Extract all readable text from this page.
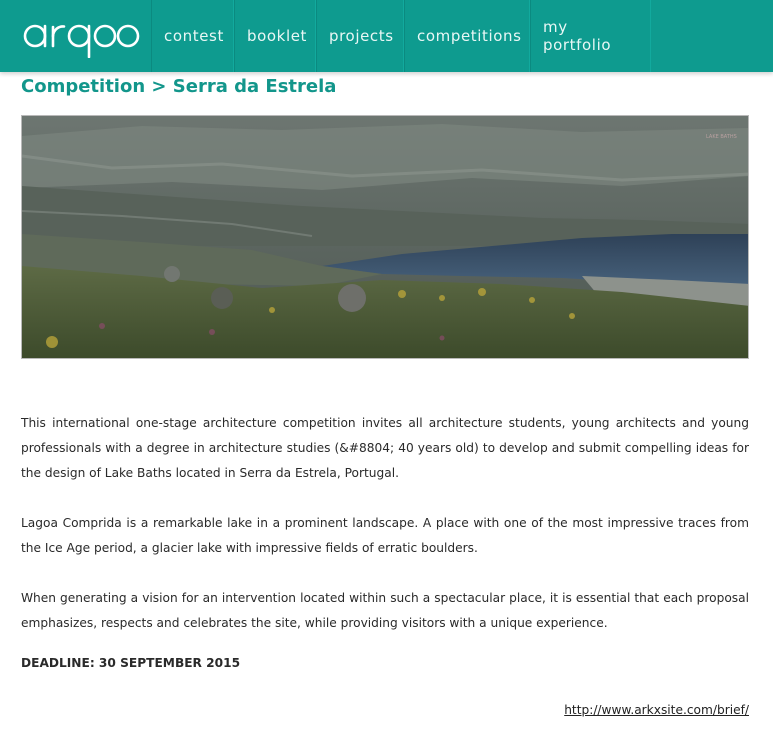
contest	booklet	projects	competitions	my portfolio
Competition > Serra da Estrela
LAKE BATHS

This international one-stage architecture competition invites all architecture students, young architects and young professionals with a degree in architecture studies (&#8804; 40 years old) to develop and submit compelling ideas for the design of Lake Baths located in Serra da Estrela, Portugal.

Lagoa Comprida is a remarkable lake in a prominent landscape. A place with one of the most impressive traces from the Ice Age period, a glacier lake with impressive fields of erratic boulders.

When generating a vision for an intervention located within such a spectacular place, it is essential that each proposal emphasizes, respects and celebrates the site, while providing visitors with a unique experience.

DEADLINE: 30 SEPTEMBER 2015

http://www.arkxsite.com/brief/
